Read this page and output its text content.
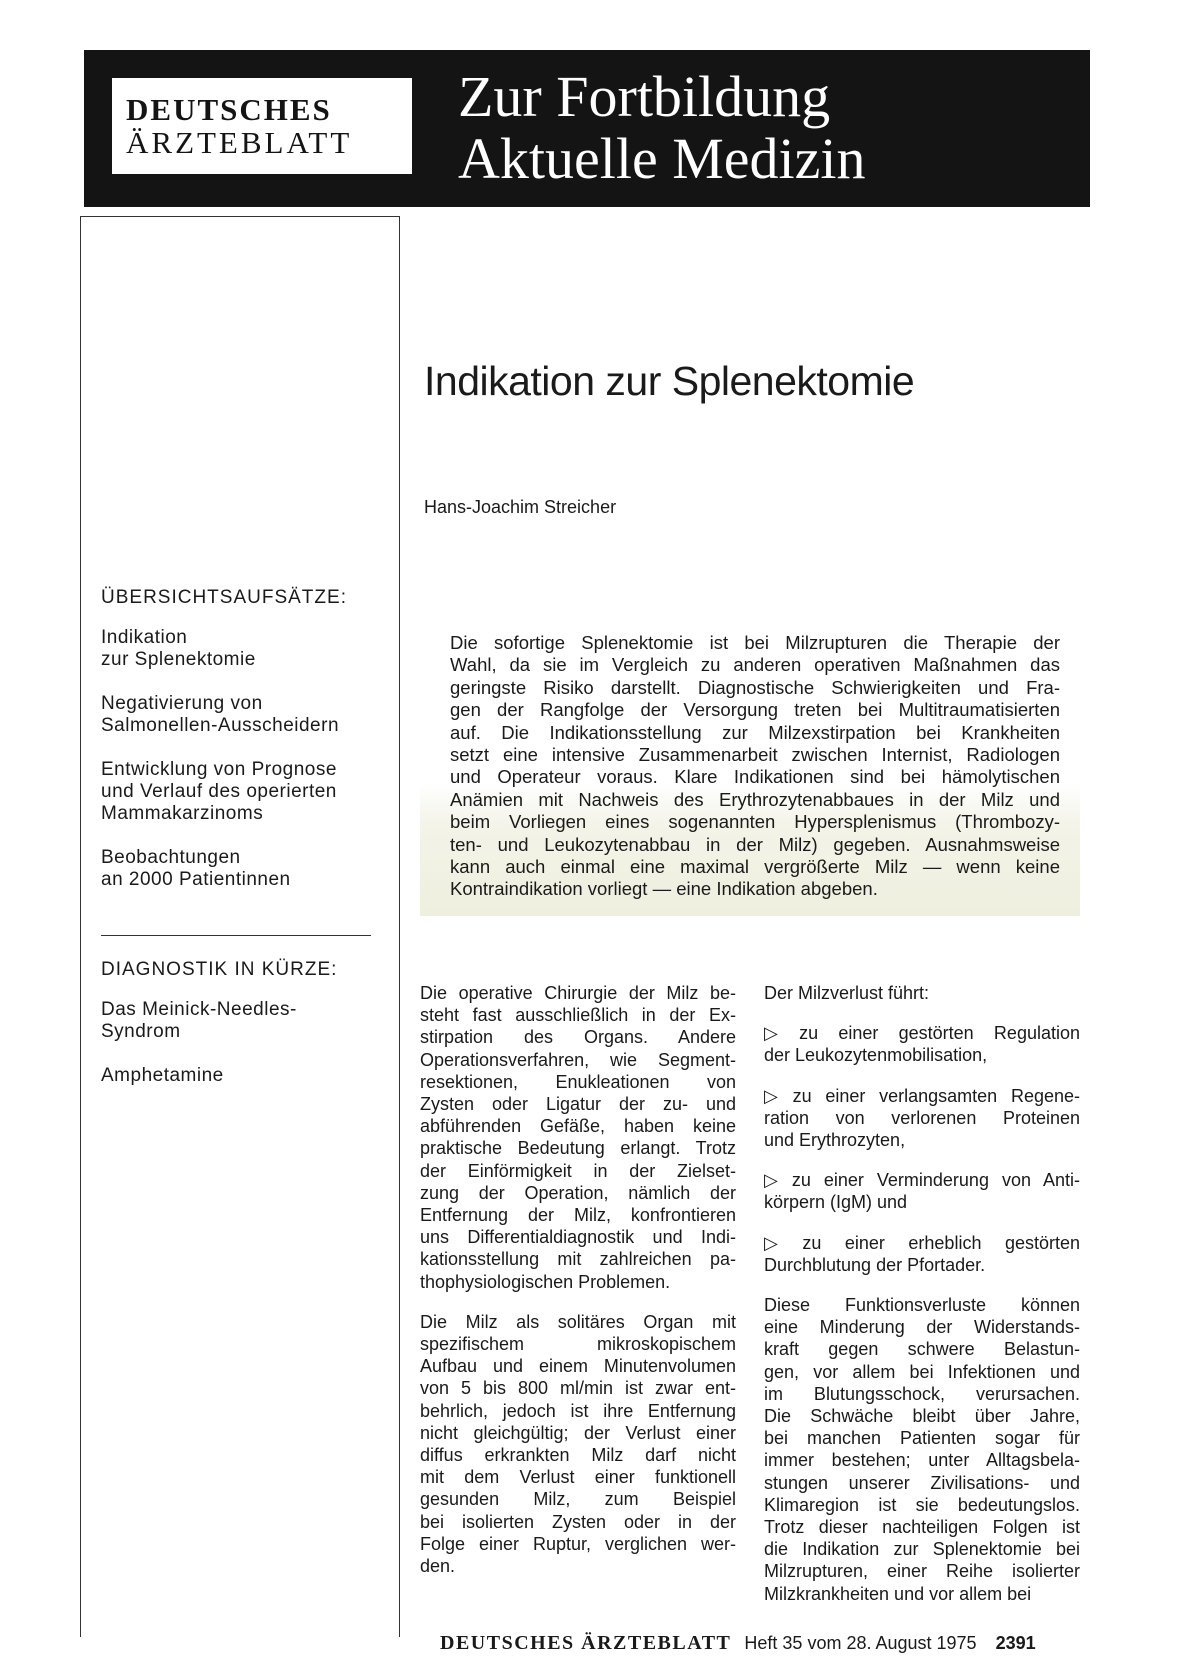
DEUTSCHES
ÄRZTEBLATT
Zur Fortbildung
Aktuelle Medizin
ÜBERSICHTSAUFSÄTZE:
Indikation
zur Splenektomie
Negativierung von
Salmonellen-Ausscheidern
Entwicklung von Prognose
und Verlauf des operierten
Mammakarzinoms
Beobachtungen
an 2000 Patientinnen
DIAGNOSTIK IN KÜRZE:
Das Meinick-Needles-
Syndrom
Amphetamine
Indikation zur Splenektomie
Hans-Joachim Streicher
Die sofortige Splenektomie ist bei Milzrupturen die Therapie der
Wahl, da sie im Vergleich zu anderen operativen Maßnahmen das
geringste Risiko darstellt. Diagnostische Schwierigkeiten und Fra-
gen der Rangfolge der Versorgung treten bei Multitraumatisierten
auf. Die Indikationsstellung zur Milzexstirpation bei Krankheiten
setzt eine intensive Zusammenarbeit zwischen Internist, Radiologen
und Operateur voraus. Klare Indikationen sind bei hämolytischen
Anämien mit Nachweis des Erythrozytenabbaues in der Milz und
beim Vorliegen eines sogenannten Hypersplenismus (Thrombozy-
ten- und Leukozytenabbau in der Milz) gegeben. Ausnahmsweise
kann auch einmal eine maximal vergrößerte Milz — wenn keine
Kontraindikation vorliegt — eine Indikation abgeben.

Die operative Chirurgie der Milz be-
steht fast ausschließlich in der Ex-
stirpation des Organs. Andere
Operationsverfahren, wie Segment-
resektionen, Enukleationen von
Zysten oder Ligatur der zu- und
abführenden Gefäße, haben keine
praktische Bedeutung erlangt. Trotz
der Einförmigkeit in der Zielset-
zung der Operation, nämlich der
Entfernung der Milz, konfrontieren
uns Differentialdiagnostik und Indi-
kationsstellung mit zahlreichen pa-
thophysiologischen Problemen.

Die Milz als solitäres Organ mit
spezifischem mikroskopischem
Aufbau und einem Minutenvolumen
von 5 bis 800 ml/min ist zwar ent-
behrlich, jedoch ist ihre Entfernung
nicht gleichgültig; der Verlust einer
diffus erkrankten Milz darf nicht
mit dem Verlust einer funktionell
gesunden Milz, zum Beispiel
bei isolierten Zysten oder in der
Folge einer Ruptur, verglichen wer-
den.

Der Milzverlust führt:

▷ zu einer gestörten Regulation
der Leukozytenmobilisation,

▷ zu einer verlangsamten Regene-
ration von verlorenen Proteinen
und Erythrozyten,

▷ zu einer Verminderung von Anti-
körpern (IgM) und

▷ zu einer erheblich gestörten
Durchblutung der Pfortader.

Diese Funktionsverluste können
eine Minderung der Widerstands-
kraft gegen schwere Belastun-
gen, vor allem bei Infektionen und
im Blutungsschock, verursachen.
Die Schwäche bleibt über Jahre,
bei manchen Patienten sogar für
immer bestehen; unter Alltagsbela-
stungen unserer Zivilisations- und
Klimaregion ist sie bedeutungslos.
Trotz dieser nachteiligen Folgen ist
die Indikation zur Splenektomie bei
Milzrupturen, einer Reihe isolierter
Milzkrankheiten und vor allem bei

DEUTSCHES ÄRZTEBLATT Heft 35 vom 28. August 1975 2391
